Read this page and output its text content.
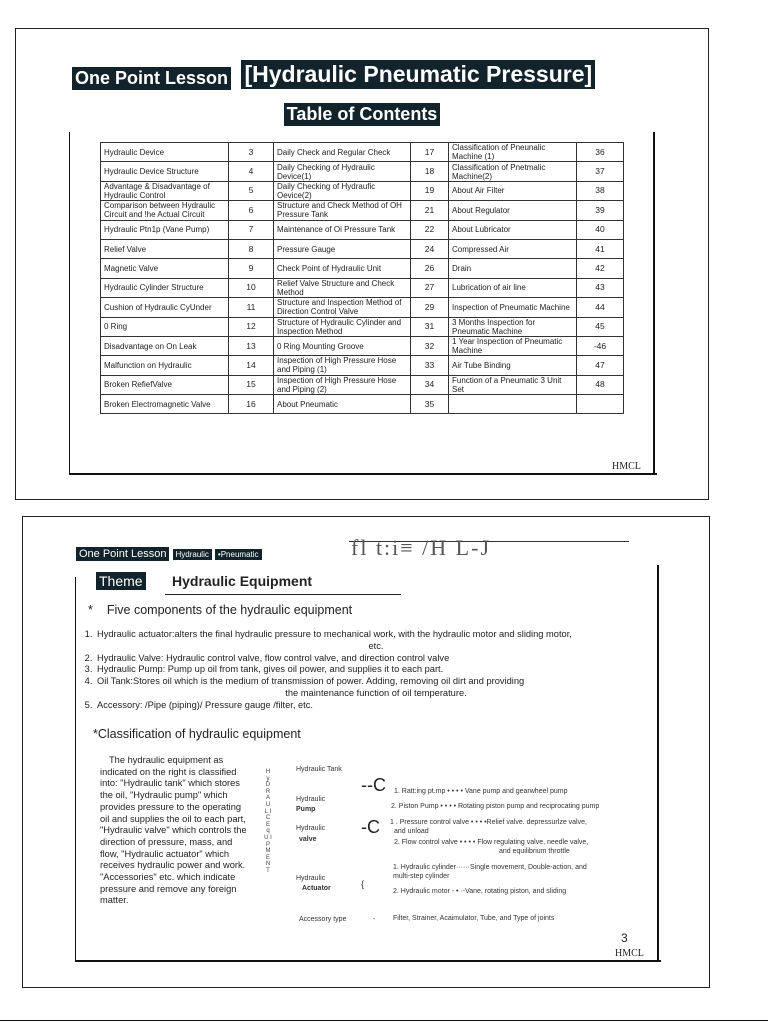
One Point Lesson [Hydraulic Pneumatic Pressure]
Table of Contents
Hydraulic Device	3	Daily Check and Regular Check	17	Classification of Pneunalic Machine (1)	36
Hydraulic Device Structure	4	Daily Checking of Hydraulic Device(1)	18	Classification of Pnetmalic Machine(2)	37
Advantage & Disadvantage of Hydraulic Control	5	Daily Checking of Hydraufic Oevice(2)	19	About Air Filter	38
Comparison between Hydraulic Circuit and !he Actual Circuit	6	Structure and Check Method of OH Pressure Tank	21	About Regulator	39
Hydraulic Ptn1p (Vane Pump)	7	Maintenance of Oi Pressure Tank	22	About Lubricator	40
Relief Valve	8	Pressure Gauge	24	Compressed Air	41
Magnetic Valve	9	Check Point of Hydraulic Unit	26	Drain	42
Hydraulic Cylinder Structure	10	Relief Valve Structure and Check Method	27	Lubrication of air line	43
Cushion of Hydraulic CyUnder	11	Structure and Inspection Method of Direction Control Valve	29	Inspection of Pneumatic Machine	44
0 Ring	12	Structure of Hydraulic Cylinder and Inspection Method	31	3 Months Inspection for Pneumatic Machine	45
Disadvantage on On Leak	13	0 Ring Mounting Groove	32	1 Year Inspection of Pneumatic Machine	-46
Malfunction on Hydraulic	14	Inspection of High Pressure Hose and Piping (1)	33	Air Tube Binding	47
Broken RefiefValve	15	Inspection of High Pressure Hose and Piping (2)	34	Function of a Pneumatic 3 Unit Set	48
Broken Electromagnetic Valve	16	About Pneumatic	35		
HMCL
One Point Lesson Hydraulic •Pneumatic	fl t:i≡ /H L-J
Theme Hydraulic Equipment
* Five components of the hydraulic equipment
1. Hydraulic actuator:alters the final hydraulic pressure to mechanical work, with the hydraulic motor and sliding motor,
etc.
2. Hydraulic Valve: Hydraulic control valve, flow control valve, and direction control valve
3. Hydraulic Pump: Pump up oil from tank, gives oil power, and supplies it to each part.
4. Oil Tank:Stores oil which is the medium of transmission of power. Adding, removing oil dirt and providing
the maintenance function of oil temperature.
5. Accessory: /Pipe (piping)/ Pressure gauge /filter, etc.
*Classification of hydraulic equipment
The hydraulic equipment as indicated on the right is classified into: "Hydraulic tank" which stores the oil, "Hydraulic pump" which provides pressure to the operating oil and supplies the oil to each part, "Hydraulic valve" which controls the direction of pressure, mass, and flow, "Hydraulic actuator" which receives hydraulic power and work. "Accessories" etc. which indicate pressure and remove any foreign matter.
H y D R A U L I C E q U I P M E N T
Hydraulic Tank
Hydraulic
Pump
--C 1. Ratt:ing pt.mp • • • • Vane pump and gearwheel pump
2. Piston Pump • • • • Rotating piston pump and reciprocating pump
Hydraulic
valve
-C 1 . Pressure control valve • • • •Relief valve. depressurlze valve,
and unload
2. Flow control valve • • • • Flow regulating valve, needle valve,
and equilibrium throttle
Hydraulic
Actuator	{
1. Hydraulic cylinder······Single movement, Double-action, and
multi-step cylinder
2. Hydraulic motor - • ·-Vane, rotating piston, and sliding
Accessory type	-	Filter, Strainer, Acaimulator, Tube, and Type of joints
3
HMCL
